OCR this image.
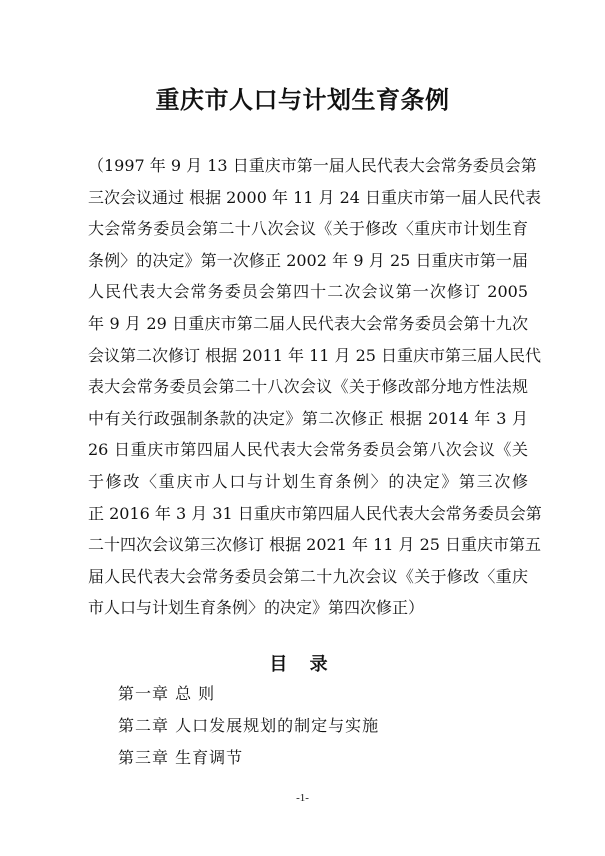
重庆市人口与计划生育条例
（1997 年 9 月 13 日重庆市第一届人民代表大会常务委员会第
三次会议通过 根据 2000 年 11 月 24 日重庆市第一届人民代表
大会常务委员会第二十八次会议《关于修改〈重庆市计划生育
条例〉的决定》第一次修正 2002 年 9 月 25 日重庆市第一届
人民代表大会常务委员会第四十二次会议第一次修订 2005
年 9 月 29 日重庆市第二届人民代表大会常务委员会第十九次
会议第二次修订 根据 2011 年 11 月 25 日重庆市第三届人民代
表大会常务委员会第二十八次会议《关于修改部分地方性法规
中有关行政强制条款的决定》第二次修正 根据 2014 年 3 月
26 日重庆市第四届人民代表大会常务委员会第八次会议《关
于修改〈重庆市人口与计划生育条例〉的决定》第三次修
正 2016 年 3 月 31 日重庆市第四届人民代表大会常务委员会第
二十四次会议第三次修订 根据 2021 年 11 月 25 日重庆市第五
届人民代表大会常务委员会第二十九次会议《关于修改〈重庆
市人口与计划生育条例〉的决定》第四次修正）
目 录
第一章 总 则
第二章 人口发展规划的制定与实施
第三章 生育调节
-1-
